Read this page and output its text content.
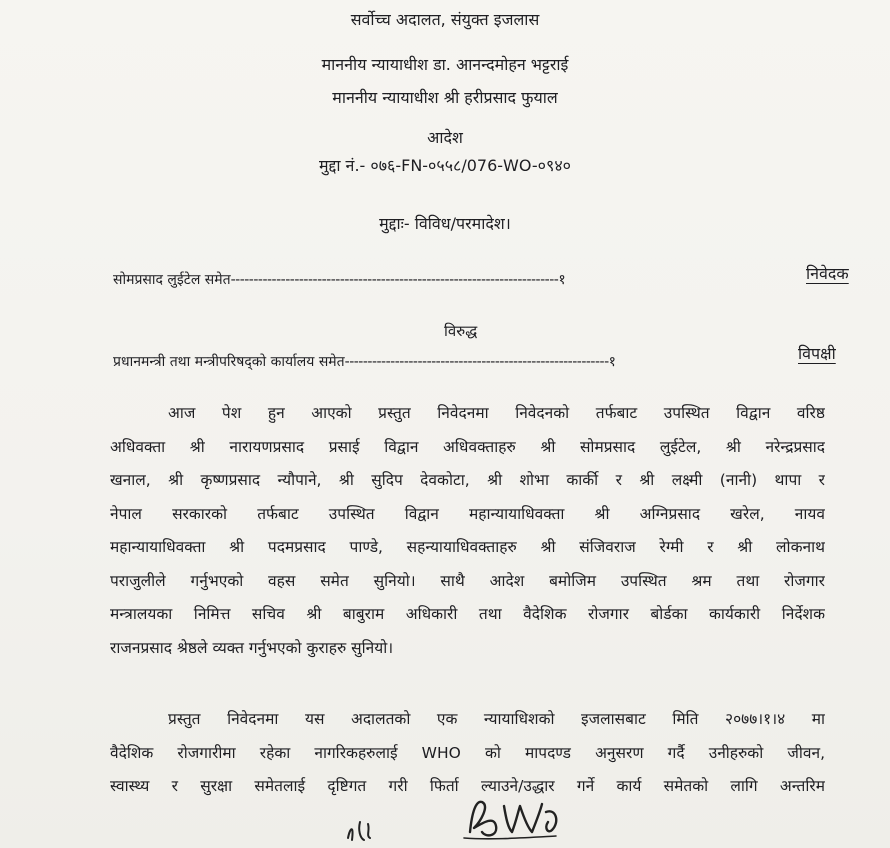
सर्वोच्च अदालत, संयुक्त इजलास
माननीय न्यायाधीश डा. आनन्दमोहन भट्टराई
माननीय न्यायाधीश श्री हरीप्रसाद फुयाल
आदेश
मुद्दा नं.- ०७६-FN-०५५८/076-WO-०९४०
मुद्दाः- विविध/परमादेश।
सोमप्रसाद लुईटेल समेत------------------------------------------------------------------------१	निवेदक
विरुद्ध
प्रधानमन्त्री तथा मन्त्रीपरिषद्को कार्यालय समेत----------------------------------------------------------१	विपक्षी
आज पेश हुन आएको प्रस्तुत निवेदनमा निवेदनको तर्फबाट उपस्थित विद्वान वरिष्ठ
अधिवक्ता श्री नारायणप्रसाद प्रसाई विद्वान अधिवक्ताहरु श्री सोमप्रसाद लुईटेल, श्री नरेन्द्रप्रसाद
खनाल, श्री कृष्णप्रसाद न्यौपाने, श्री सुदिप देवकोटा, श्री शोभा कार्की र श्री लक्ष्मी (नानी) थापा र
नेपाल सरकारको तर्फबाट उपस्थित विद्वान महान्यायाधिवक्ता श्री अग्निप्रसाद खरेल, नायव
महान्यायाधिवक्ता श्री पदमप्रसाद पाण्डे, सहन्यायाधिवक्ताहरु श्री संजिवराज रेग्मी र श्री लोकनाथ
पराजुलीले गर्नुभएको वहस समेत सुनियो। साथै आदेश बमोजिम उपस्थित श्रम तथा रोजगार
मन्त्रालयका निमित्त सचिव श्री बाबुराम अधिकारी तथा वैदेशिक रोजगार बोर्डका कार्यकारी निर्देशक
राजनप्रसाद श्रेष्ठले व्यक्त गर्नुभएको कुराहरु सुनियो।
प्रस्तुत निवेदनमा यस अदालतको एक न्यायाधिशको इजलासबाट मिति २०७७।१।४ मा
वैदेशिक रोजगारीमा रहेका नागरिकहरुलाई WHO को मापदण्ड अनुसरण गर्दै उनीहरुको जीवन,
स्वास्थ्य र सुरक्षा समेतलाई दृष्टिगत गरी फिर्ता ल्याउने/उद्धार गर्ने कार्य समेतको लागि अन्तरिम
